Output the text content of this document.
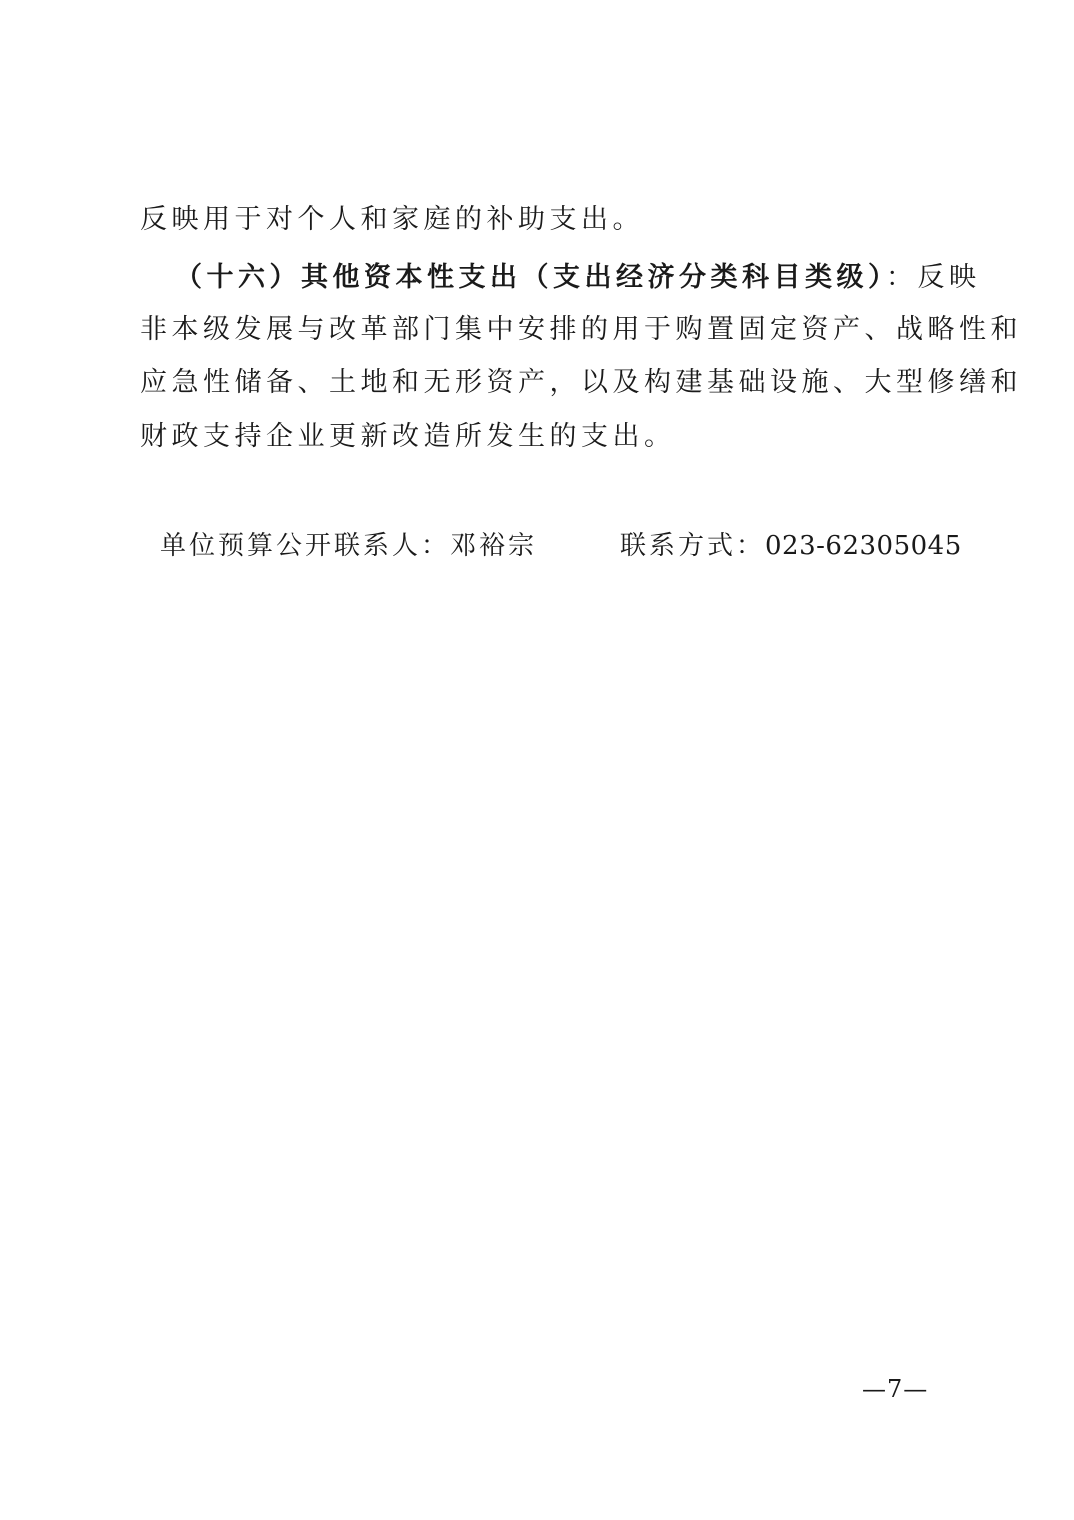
反映用于对个人和家庭的补助支出。
（十六）其他资本性支出（支出经济分类科目类级）：反映
非本级发展与改革部门集中安排的用于购置固定资产、战略性和
应急性储备、土地和无形资产，以及构建基础设施、大型修缮和
财政支持企业更新改造所发生的支出。
单位预算公开联系人：邓裕宗	联系方式：023-62305045
—7—
